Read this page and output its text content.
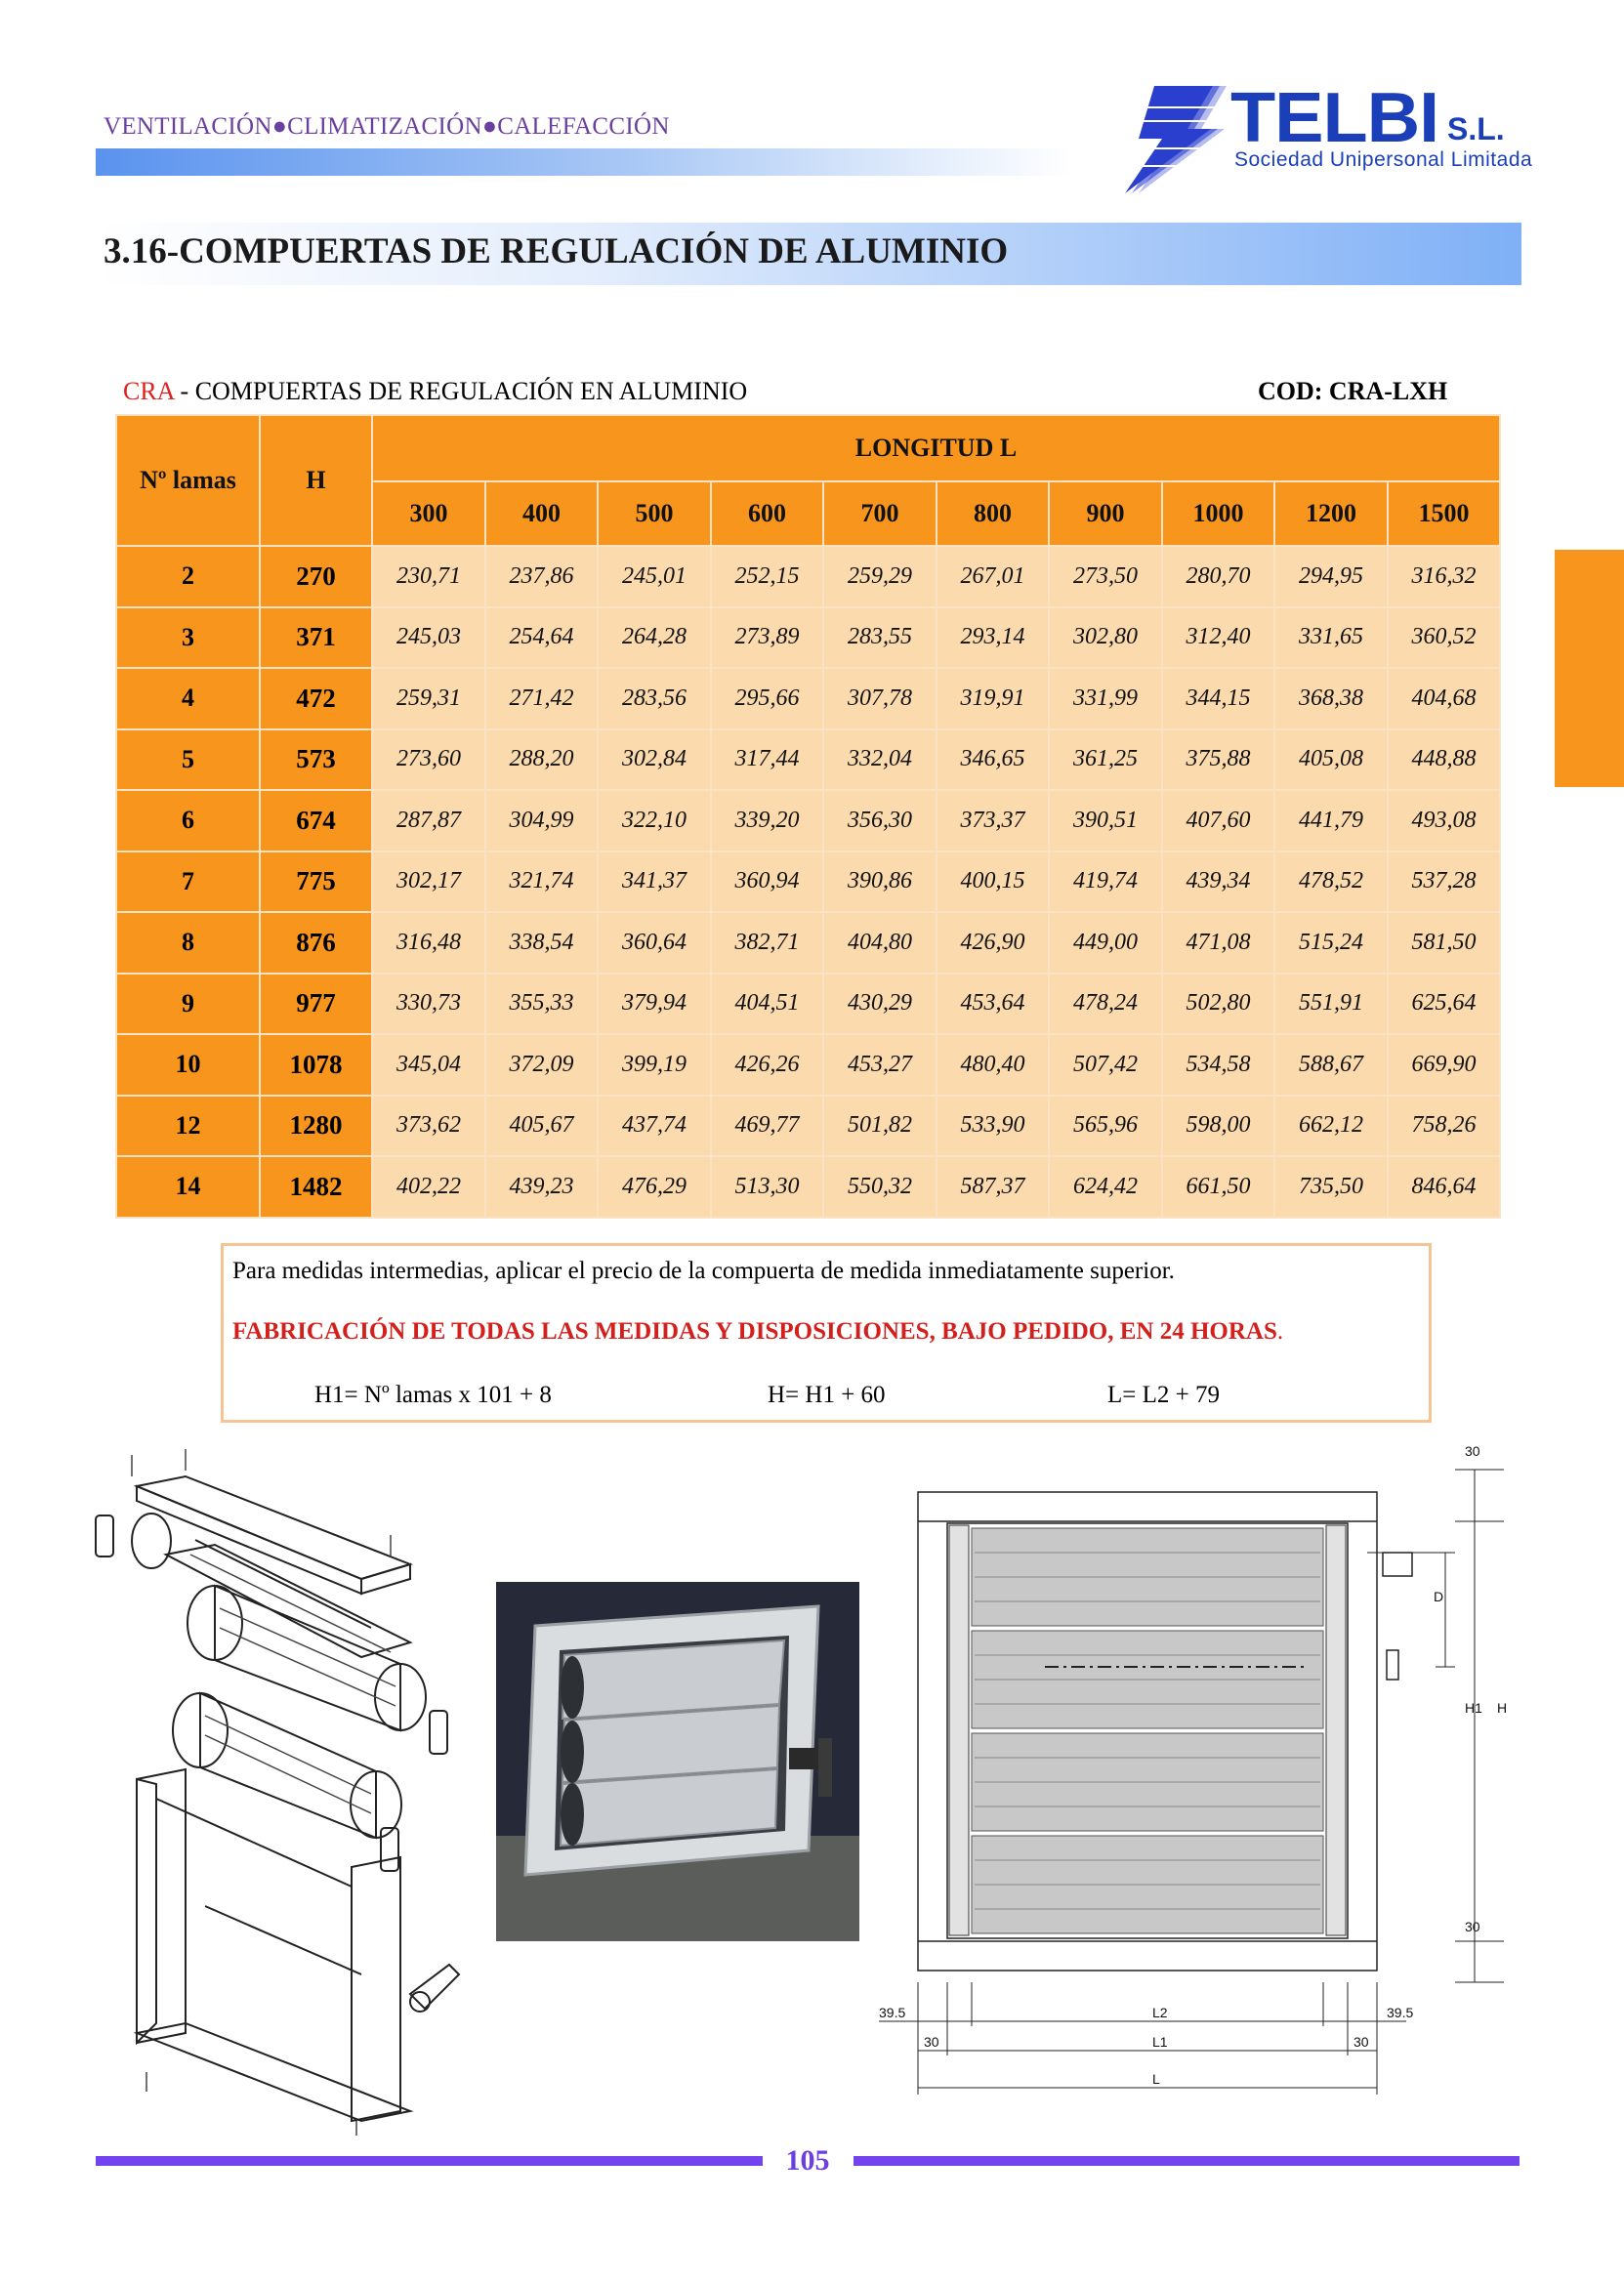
VENTILACIÓN●CLIMATIZACIÓN●CALEFACCIÓN	TELBI S.L.
Sociedad Unipersonal Limitada
3.16-COMPUERTAS DE REGULACIÓN DE ALUMINIO
CRA - COMPUERTAS DE REGULACIÓN EN ALUMINIO	COD: CRA-LXH
Nº lamas	H	LONGITUD L									
		300	400	500	600	700	800	900	1000	1200	1500
2	270	230,71	237,86	245,01	252,15	259,29	267,01	273,50	280,70	294,95	316,32
3	371	245,03	254,64	264,28	273,89	283,55	293,14	302,80	312,40	331,65	360,52
4	472	259,31	271,42	283,56	295,66	307,78	319,91	331,99	344,15	368,38	404,68
5	573	273,60	288,20	302,84	317,44	332,04	346,65	361,25	375,88	405,08	448,88
6	674	287,87	304,99	322,10	339,20	356,30	373,37	390,51	407,60	441,79	493,08
7	775	302,17	321,74	341,37	360,94	390,86	400,15	419,74	439,34	478,52	537,28
8	876	316,48	338,54	360,64	382,71	404,80	426,90	449,00	471,08	515,24	581,50
9	977	330,73	355,33	379,94	404,51	430,29	453,64	478,24	502,80	551,91	625,64
10	1078	345,04	372,09	399,19	426,26	453,27	480,40	507,42	534,58	588,67	669,90
12	1280	373,62	405,67	437,74	469,77	501,82	533,90	565,96	598,00	662,12	758,26
14	1482	402,22	439,23	476,29	513,30	550,32	587,37	624,42	661,50	735,50	846,64
Para medidas intermedias, aplicar el precio de la compuerta de medida inmediatamente superior.
FABRICACIÓN DE TODAS LAS MEDIDAS Y DISPOSICIONES, BAJO PEDIDO, EN 24 HORAS.
H1= Nº lamas x 101 + 8	H= H1 + 60	L= L2 + 79
30
D
H1 H
30
39.5	L2	39.5
30	L1	30
L
105
